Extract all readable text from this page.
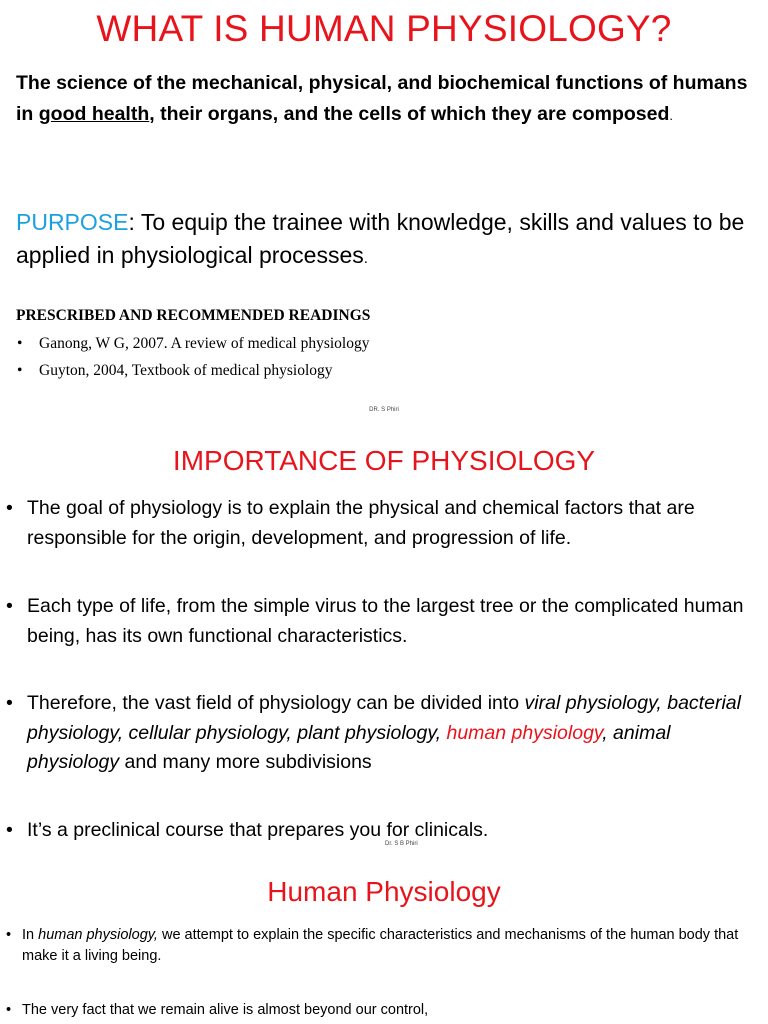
WHAT IS HUMAN PHYSIOLOGY?
The science of the mechanical, physical, and biochemical functions of humans in good health, their organs, and the cells of which they are composed.
PURPOSE: To equip the trainee with knowledge, skills and values to be applied in physiological processes.
PRESCRIBED AND RECOMMENDED READINGS
• Ganong, W G, 2007. A review of medical physiology
• Guyton, 2004, Textbook of medical physiology
DR. S Phiri
IMPORTANCE OF PHYSIOLOGY
• The goal of physiology is to explain the physical and chemical factors that are responsible for the origin, development, and progression of life.
• Each type of life, from the simple virus to the largest tree or the complicated human being, has its own functional characteristics.
• Therefore, the vast field of physiology can be divided into viral physiology, bacterial physiology, cellular physiology, plant physiology, human physiology, animal physiology and many more subdivisions
• It’s a preclinical course that prepares you for clinicals.
Dr. S B Phiri
Human Physiology
• In human physiology, we attempt to explain the specific characteristics and mechanisms of the human body that make it a living being.
• The very fact that we remain alive is almost beyond our control,
